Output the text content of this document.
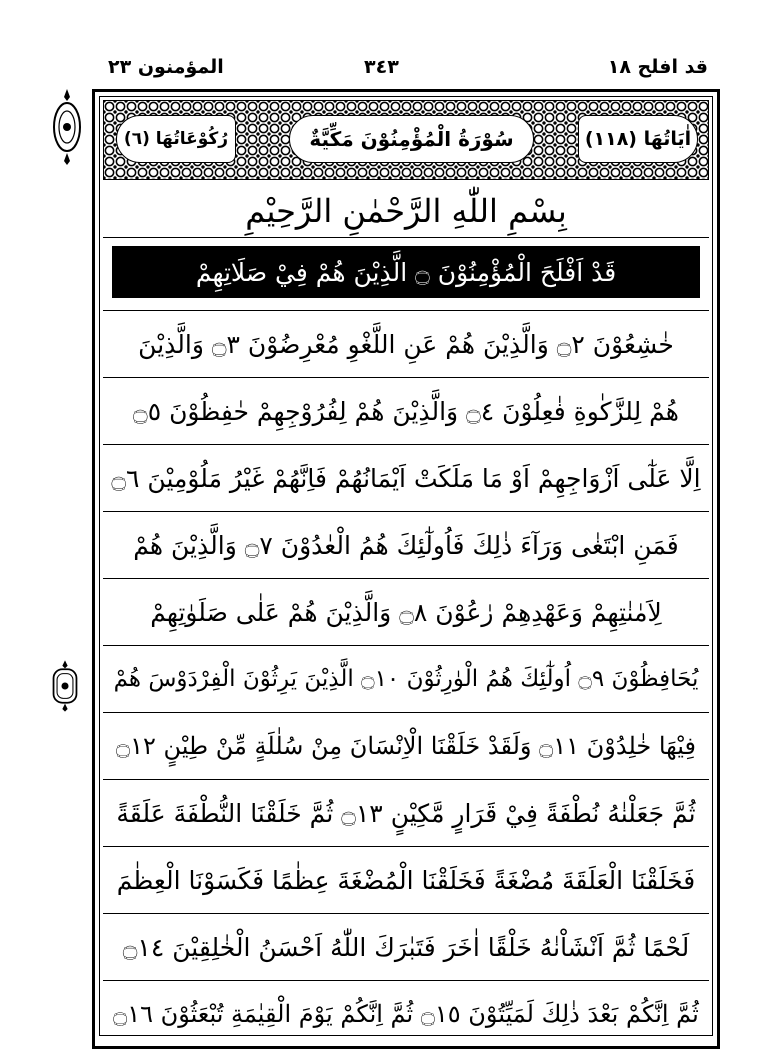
قد افلح ١٨
٣٤٣
المؤمنون ٢٣
اٰیَاتُهَا (١١٨)
سُوْرَةُ الْمُؤْمِنُوْنَ مَكِّيَّةٌ
رُكُوْعَاتُهَا (٦)
بِسْمِ اللّٰهِ الرَّحْمٰنِ الرَّحِيْمِ
قَدْ اَفْلَحَ الْمُؤْمِنُوْنَ ۝ الَّذِيْنَ هُمْ فِيْ صَلَاتِهِمْ
خٰشِعُوْنَ ۝٢ وَالَّذِيْنَ هُمْ عَنِ اللَّغْوِ مُعْرِضُوْنَ ۝٣ وَالَّذِيْنَ
هُمْ لِلزَّكٰوةِ فٰعِلُوْنَ ۝٤ وَالَّذِيْنَ هُمْ لِفُرُوْجِهِمْ حٰفِظُوْنَ ۝٥
اِلَّا عَلٰٓى اَزْوَاجِهِمْ اَوْ مَا مَلَكَتْ اَيْمَانُهُمْ فَاِنَّهُمْ غَيْرُ مَلُوْمِيْنَ ۝٦
فَمَنِ ابْتَغٰى وَرَآءَ ذٰلِكَ فَاُولٰٓئِكَ هُمُ الْعٰدُوْنَ ۝٧ وَالَّذِيْنَ هُمْ
لِاَمٰنٰتِهِمْ وَعَهْدِهِمْ رٰعُوْنَ ۝٨ وَالَّذِيْنَ هُمْ عَلٰى صَلَوٰتِهِمْ
يُحَافِظُوْنَ ۝٩ اُولٰٓئِكَ هُمُ الْوٰرِثُوْنَ ۝١٠ الَّذِيْنَ يَرِثُوْنَ الْفِرْدَوْسَ هُمْ
فِيْهَا خٰلِدُوْنَ ۝١١ وَلَقَدْ خَلَقْنَا الْاِنْسَانَ مِنْ سُلٰلَةٍ مِّنْ طِيْنٍ ۝١٢
ثُمَّ جَعَلْنٰهُ نُطْفَةً فِيْ قَرَارٍ مَّكِيْنٍ ۝١٣ ثُمَّ خَلَقْنَا النُّطْفَةَ عَلَقَةً
فَخَلَقْنَا الْعَلَقَةَ مُضْغَةً فَخَلَقْنَا الْمُضْغَةَ عِظٰمًا فَكَسَوْنَا الْعِظٰمَ
لَحْمًا ثُمَّ اَنْشَاْنٰهُ خَلْقًا اٰخَرَ فَتَبٰرَكَ اللّٰهُ اَحْسَنُ الْخٰلِقِيْنَ ۝١٤
ثُمَّ اِنَّكُمْ بَعْدَ ذٰلِكَ لَمَيِّتُوْنَ ۝١٥ ثُمَّ اِنَّكُمْ يَوْمَ الْقِيٰمَةِ تُبْعَثُوْنَ ۝١٦
